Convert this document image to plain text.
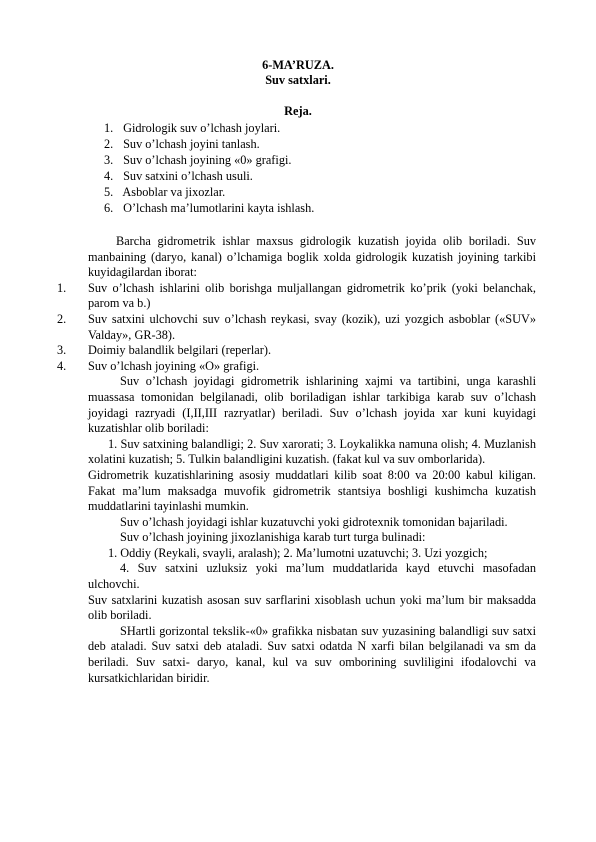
6-MA’RUZA.
Suv satxlari.
Reja.
1. Gidrologik suv o’lchash joylari.
2. Suv o’lchash joyini tanlash.
3. Suv o’lchash joyining «0» grafigi.
4. Suv satxini o’lchash usuli.
5. Asboblar va jixozlar.
6. O’lchash ma’lumotlarini kayta ishlash.

Barcha gidrometrik ishlar maxsus gidrologik kuzatish joyida olib boriladi. Suv manbaining (daryo, kanal) o’lchamiga boglik xolda gidrologik kuzatish joyining tarkibi kuyidagilardan iborat:

1. Suv o’lchash ishlarini olib borishga muljallangan gidrometrik ko’prik (yoki belanchak, parom va b.)
2. Suv satxini ulchovchi suv o’lchash reykasi, svay (kozik), uzi yozgich asboblar («SUV» Valday», GR-38).
3. Doimiy balandlik belgilari (reperlar).
4. Suv o’lchash joyining «O» grafigi.

Suv o’lchash joyidagi gidrometrik ishlarining xajmi va tartibini, unga karashli muassasa tomonidan belgilanadi, olib boriladigan ishlar tarkibiga karab suv o’lchash joyidagi razryadi (I,II,III razryatlar) beriladi. Suv o’lchash joyida xar kuni kuyidagi kuzatishlar olib boriladi:

1. Suv satxining balandligi; 2. Suv xarorati; 3. Loykalikka namuna olish; 4. Muzlanish xolatini kuzatish; 5. Tulkin balandligini kuzatish. (fakat kul va suv omborlarida).

Gidrometrik kuzatishlarining asosiy muddatlari kilib soat 8:00 va 20:00 kabul kiligan. Fakat ma’lum maksadga muvofik gidrometrik stantsiya boshligi kushimcha kuzatish muddatlarini tayinlashi mumkin.

Suv o’lchash joyidagi ishlar kuzatuvchi yoki gidrotexnik tomonidan bajariladi.

Suv o’lchash joyining jixozlanishiga karab turt turga bulinadi:

1. Oddiy (Reykali, svayli, aralash); 2. Ma’lumotni uzatuvchi; 3. Uzi yozgich;

4. Suv satxini uzluksiz yoki ma’lum muddatlarida kayd etuvchi masofadan ulchovchi.

Suv satxlarini kuzatish asosan suv sarflarini xisoblash uchun yoki ma’lum bir maksadda olib boriladi.

SHartli gorizontal tekslik-«0» grafikka nisbatan suv yuzasining balandligi suv satxi deb ataladi. Suv satxi deb ataladi. Suv satxi odatda N xarfi bilan belgilanadi va sm da beriladi. Suv satxi- daryo, kanal, kul va suv omborining suvliligini ifodalovchi va kursatkichlaridan biridir.
